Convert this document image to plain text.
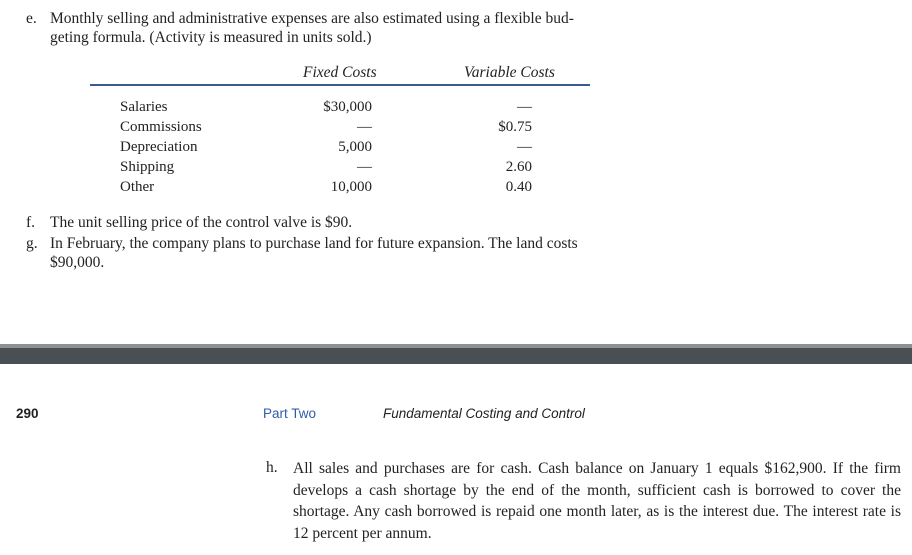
e. Monthly selling and administrative expenses are also estimated using a flexible bud-
geting formula. (Activity is measured in units sold.)
Fixed Costs	Variable Costs
Salaries	$30,000	—
Commissions	—	$0.75
Depreciation	5,000	—
Shipping	—	2.60
Other	10,000	0.40
f. The unit selling price of the control valve is $90.
g. In February, the company plans to purchase land for future expansion. The land costs
$90,000.
290	Part Two	Fundamental Costing and Control
h. All sales and purchases are for cash. Cash balance on January 1 equals $162,900. If the firm develops a cash shortage by the end of the month, sufficient cash is borrowed to cover the shortage. Any cash borrowed is repaid one month later, as is the interest due. The interest rate is 12 percent per annum.
